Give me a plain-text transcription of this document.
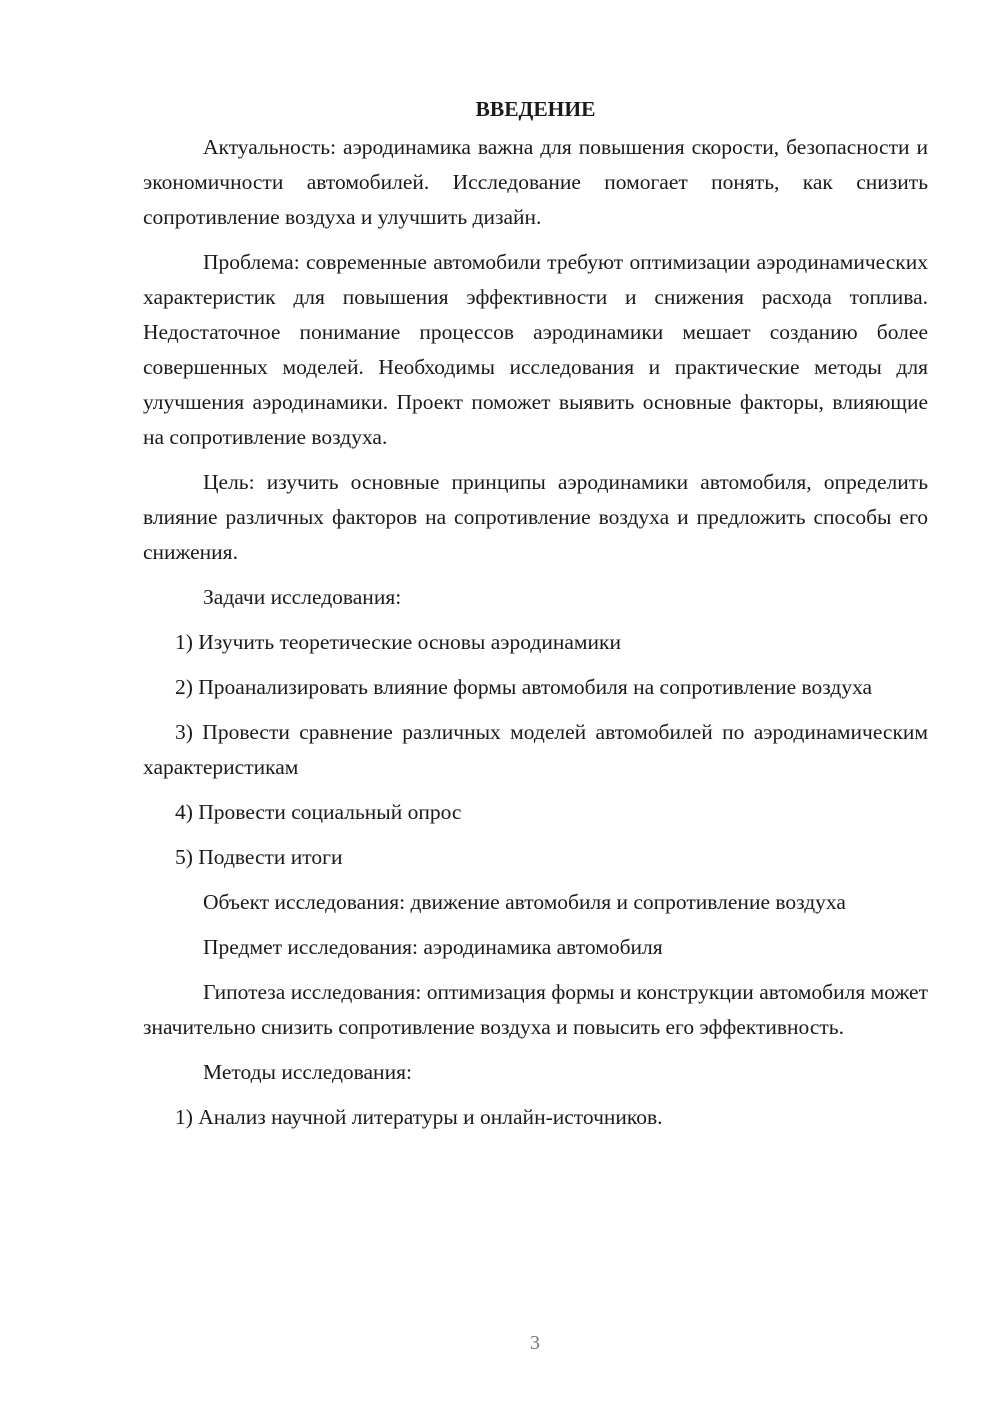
ВВЕДЕНИЕ

Актуальность: аэродинамика важна для повышения скорости, безопасности и экономичности автомобилей. Исследование помогает понять, как снизить сопротивление воздуха и улучшить дизайн.

Проблема: современные автомобили требуют оптимизации аэродинамических характеристик для повышения эффективности и снижения расхода топлива. Недостаточное понимание процессов аэродинамики мешает созданию более совершенных моделей. Необходимы исследования и практические методы для улучшения аэродинамики. Проект поможет выявить основные факторы, влияющие на сопротивление воздуха.

Цель: изучить основные принципы аэродинамики автомобиля, определить влияние различных факторов на сопротивление воздуха и предложить способы его снижения.

Задачи исследования:

1) Изучить теоретические основы аэродинамики

2) Проанализировать влияние формы автомобиля на сопротивление воздуха

3) Провести сравнение различных моделей автомобилей по аэродинамическим характеристикам

4) Провести социальный опрос

5) Подвести итоги

Объект исследования: движение автомобиля и сопротивление воздуха

Предмет исследования: аэродинамика автомобиля

Гипотеза исследования: оптимизация формы и конструкции автомобиля может значительно снизить сопротивление воздуха и повысить его эффективность.

Методы исследования:

1) Анализ научной литературы и онлайн-источников.

3
